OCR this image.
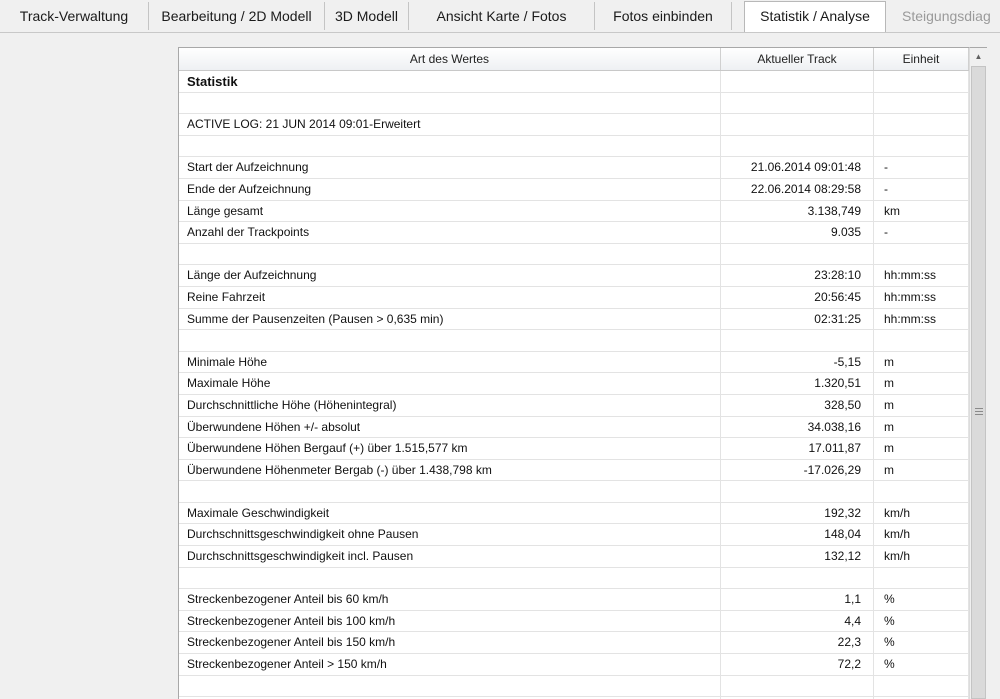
Track-Verwaltung	Bearbeitung / 2D Modell	3D Modell	Ansicht Karte / Fotos	Fotos einbinden	Statistik / Analyse	Steigungsdiag
Art des Wertes	Aktueller Track	Einheit
Statistik
ACTIVE LOG: 21 JUN 2014 09:01-Erweitert
Start der Aufzeichnung	21.06.2014 09:01:48	-
Ende der Aufzeichnung	22.06.2014 08:29:58	-
Länge gesamt	3.138,749	km
Anzahl der Trackpoints	9.035	-
Länge der Aufzeichnung	23:28:10	hh:mm:ss
Reine Fahrzeit	20:56:45	hh:mm:ss
Summe der Pausenzeiten (Pausen > 0,635 min)	02:31:25	hh:mm:ss
Minimale Höhe	-5,15	m
Maximale Höhe	1.320,51	m
Durchschnittliche Höhe (Höhenintegral)	328,50	m
Überwundene Höhen +/- absolut	34.038,16	m
Überwundene Höhen Bergauf (+) über 1.515,577 km	17.011,87	m
Überwundene Höhenmeter Bergab (-) über 1.438,798 km	-17.026,29	m
Maximale Geschwindigkeit	192,32	km/h
Durchschnittsgeschwindigkeit ohne Pausen	148,04	km/h
Durchschnittsgeschwindigkeit incl. Pausen	132,12	km/h
Streckenbezogener Anteil bis 60 km/h	1,1	%
Streckenbezogener Anteil bis 100 km/h	4,4	%
Streckenbezogener Anteil bis 150 km/h	22,3	%
Streckenbezogener Anteil > 150 km/h	72,2	%
▲
